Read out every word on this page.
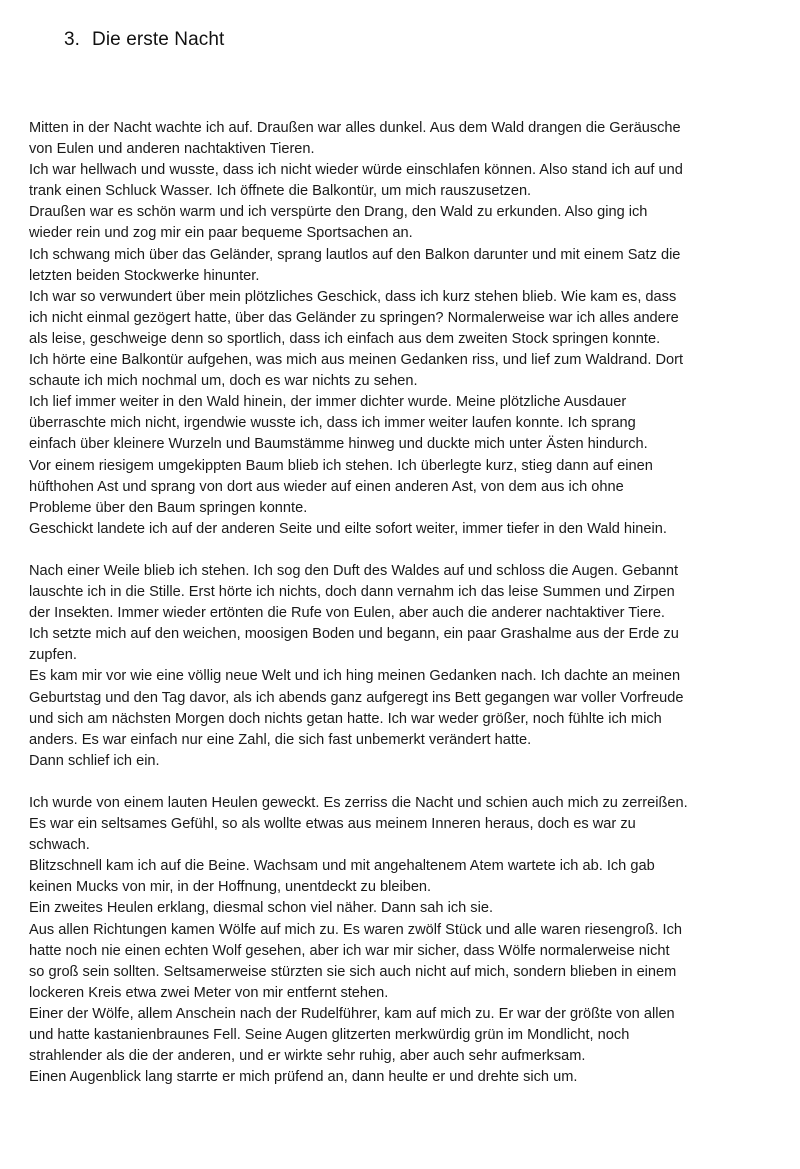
3. Die erste Nacht
Mitten in der Nacht wachte ich auf. Draußen war alles dunkel. Aus dem Wald drangen die Geräusche
von Eulen und anderen nachtaktiven Tieren.
Ich war hellwach und wusste, dass ich nicht wieder würde einschlafen können. Also stand ich auf und
trank einen Schluck Wasser. Ich öffnete die Balkontür, um mich rauszusetzen.
Draußen war es schön warm und ich verspürte den Drang, den Wald zu erkunden. Also ging ich
wieder rein und zog mir ein paar bequeme Sportsachen an.
Ich schwang mich über das Geländer, sprang lautlos auf den Balkon darunter und mit einem Satz die
letzten beiden Stockwerke hinunter.
Ich war so verwundert über mein plötzliches Geschick, dass ich kurz stehen blieb. Wie kam es, dass
ich nicht einmal gezögert hatte, über das Geländer zu springen? Normalerweise war ich alles andere
als leise, geschweige denn so sportlich, dass ich einfach aus dem zweiten Stock springen konnte.
Ich hörte eine Balkontür aufgehen, was mich aus meinen Gedanken riss, und lief zum Waldrand. Dort
schaute ich mich nochmal um, doch es war nichts zu sehen.
Ich lief immer weiter in den Wald hinein, der immer dichter wurde. Meine plötzliche Ausdauer
überraschte mich nicht, irgendwie wusste ich, dass ich immer weiter laufen konnte. Ich sprang
einfach über kleinere Wurzeln und Baumstämme hinweg und duckte mich unter Ästen hindurch.
Vor einem riesigem umgekippten Baum blieb ich stehen. Ich überlegte kurz, stieg dann auf einen
hüfthohen Ast und sprang von dort aus wieder auf einen anderen Ast, von dem aus ich ohne
Probleme über den Baum springen konnte.
Geschickt landete ich auf der anderen Seite und eilte sofort weiter, immer tiefer in den Wald hinein.
Nach einer Weile blieb ich stehen. Ich sog den Duft des Waldes auf und schloss die Augen. Gebannt
lauschte ich in die Stille. Erst hörte ich nichts, doch dann vernahm ich das leise Summen und Zirpen
der Insekten. Immer wieder ertönten die Rufe von Eulen, aber auch die anderer nachtaktiver Tiere.
Ich setzte mich auf den weichen, moosigen Boden und begann, ein paar Grashalme aus der Erde zu
zupfen.
Es kam mir vor wie eine völlig neue Welt und ich hing meinen Gedanken nach. Ich dachte an meinen
Geburtstag und den Tag davor, als ich abends ganz aufgeregt ins Bett gegangen war voller Vorfreude
und sich am nächsten Morgen doch nichts getan hatte. Ich war weder größer, noch fühlte ich mich
anders. Es war einfach nur eine Zahl, die sich fast unbemerkt verändert hatte.
Dann schlief ich ein.
Ich wurde von einem lauten Heulen geweckt. Es zerriss die Nacht und schien auch mich zu zerreißen.
Es war ein seltsames Gefühl, so als wollte etwas aus meinem Inneren heraus, doch es war zu
schwach.
Blitzschnell kam ich auf die Beine. Wachsam und mit angehaltenem Atem wartete ich ab. Ich gab
keinen Mucks von mir, in der Hoffnung, unentdeckt zu bleiben.
Ein zweites Heulen erklang, diesmal schon viel näher. Dann sah ich sie.
Aus allen Richtungen kamen Wölfe auf mich zu. Es waren zwölf Stück und alle waren riesengroß. Ich
hatte noch nie einen echten Wolf gesehen, aber ich war mir sicher, dass Wölfe normalerweise nicht
so groß sein sollten. Seltsamerweise stürzten sie sich auch nicht auf mich, sondern blieben in einem
lockeren Kreis etwa zwei Meter von mir entfernt stehen.
Einer der Wölfe, allem Anschein nach der Rudelführer, kam auf mich zu. Er war der größte von allen
und hatte kastanienbraunes Fell. Seine Augen glitzerten merkwürdig grün im Mondlicht, noch
strahlender als die der anderen, und er wirkte sehr ruhig, aber auch sehr aufmerksam.
Einen Augenblick lang starrte er mich prüfend an, dann heulte er und drehte sich um.
